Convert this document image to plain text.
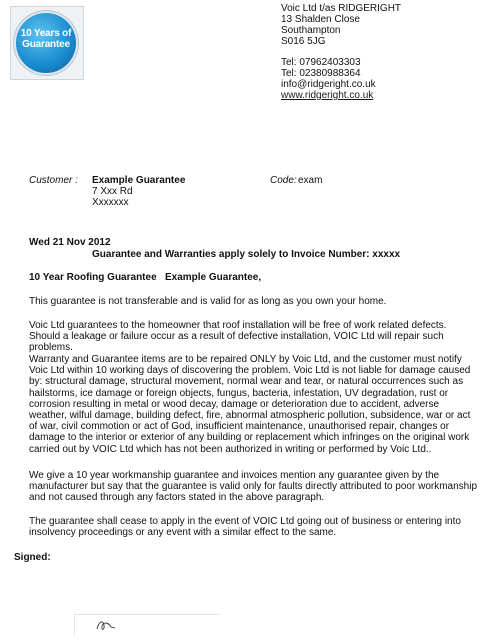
10 Years of Guarantee
Voic Ltd t/as RIDGERIGHT
13 Shalden Close
Southampton
S016 5JG
Tel: 07962403303
Tel: 02380988364
info@ridgeright.co.uk
www.ridgeright.co.uk
Customer : Example Guarantee
7 Xxx Rd
Xxxxxxx
Code: exam
Wed 21 Nov 2012
Guarantee and Warranties apply solely to Invoice Number: xxxxx
10 Year Roofing Guarantee   Example Guarantee,
This guarantee is not transferable and is valid for as long as you own your home.
Voic Ltd guarantees to the homeowner that roof installation will be free of work related defects. Should a leakage or failure occur as a result of defective installation, VOIC Ltd will repair such problems.
Warranty and Guarantee items are to be repaired ONLY by Voic Ltd, and the customer must notify Voic Ltd within 10 working days of discovering the problem. Voic Ltd is not liable for damage caused by: structural damage, structural movement, normal wear and tear, or natural occurrences such as hailstorms, ice damage or foreign objects, fungus, bacteria, infestation, UV degradation, rust or corrosion resulting in metal or wood decay, damage or deterioration due to accident, adverse weather, wilful damage, building defect, fire, abnormal atmospheric pollution, subsidence, war or act of war, civil commotion or act of God, insufficient maintenance, unauthorised repair, changes or damage to the interior or exterior of any building or replacement which infringes on the original work carried out by VOIC Ltd which has not been authorized in writing or performed by Voic Ltd..
We give a 10 year workmanship guarantee and invoices mention any guarantee given by the manufacturer but say that the guarantee is valid only for faults directly attributed to poor workmanship and not caused through any factors stated in the above paragraph.
The guarantee shall cease to apply in the event of VOIC Ltd going out of business or entering into insolvency proceedings or any event with a similar effect to the same.
Signed:
